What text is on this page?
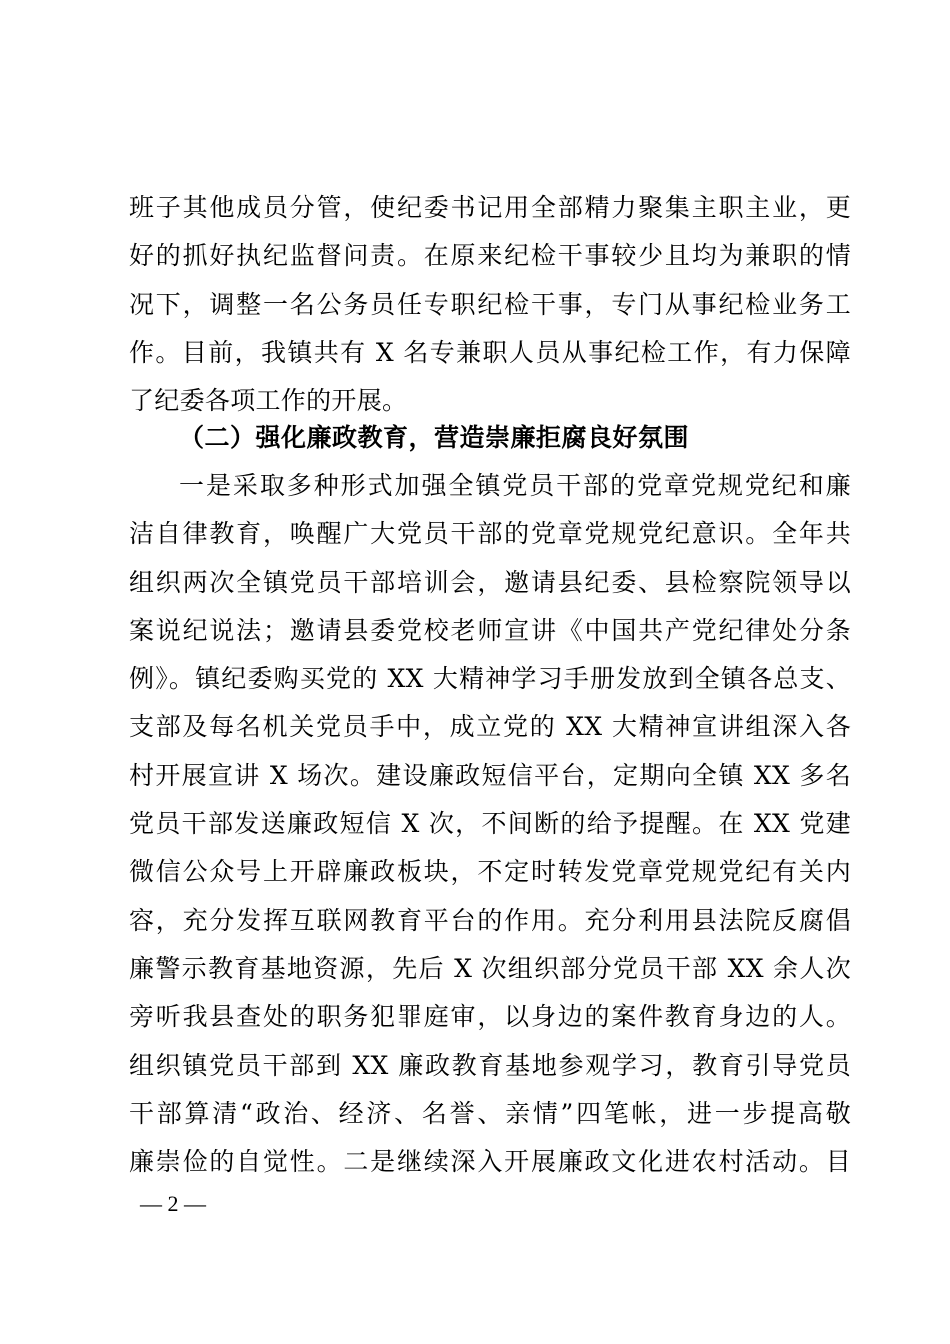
班子其他成员分管，使纪委书记用全部精力聚集主职主业，更
好的抓好执纪监督问责。在原来纪检干事较少且均为兼职的情
况下，调整一名公务员任专职纪检干事，专门从事纪检业务工
作。目前，我镇共有 X 名专兼职人员从事纪检工作，有力保障
了纪委各项工作的开展。
（二）强化廉政教育，营造崇廉拒腐良好氛围
一是采取多种形式加强全镇党员干部的党章党规党纪和廉
洁自律教育，唤醒广大党员干部的党章党规党纪意识。全年共
组织两次全镇党员干部培训会，邀请县纪委、县检察院领导以
案说纪说法；邀请县委党校老师宣讲《中国共产党纪律处分条
例》。镇纪委购买党的 XX 大精神学习手册发放到全镇各总支、
支部及每名机关党员手中，成立党的 XX 大精神宣讲组深入各
村开展宣讲 X 场次。建设廉政短信平台，定期向全镇 XX 多名
党员干部发送廉政短信 X 次，不间断的给予提醒。在 XX 党建
微信公众号上开辟廉政板块，不定时转发党章党规党纪有关内
容，充分发挥互联网教育平台的作用。充分利用县法院反腐倡
廉警示教育基地资源，先后 X 次组织部分党员干部 XX 余人次
旁听我县查处的职务犯罪庭审，以身边的案件教育身边的人。
组织镇党员干部到 XX 廉政教育基地参观学习，教育引导党员
干部算清“政治、经济、名誉、亲情”四笔帐，进一步提高敬
廉崇俭的自觉性。二是继续深入开展廉政文化进农村活动。目
— 2 —
